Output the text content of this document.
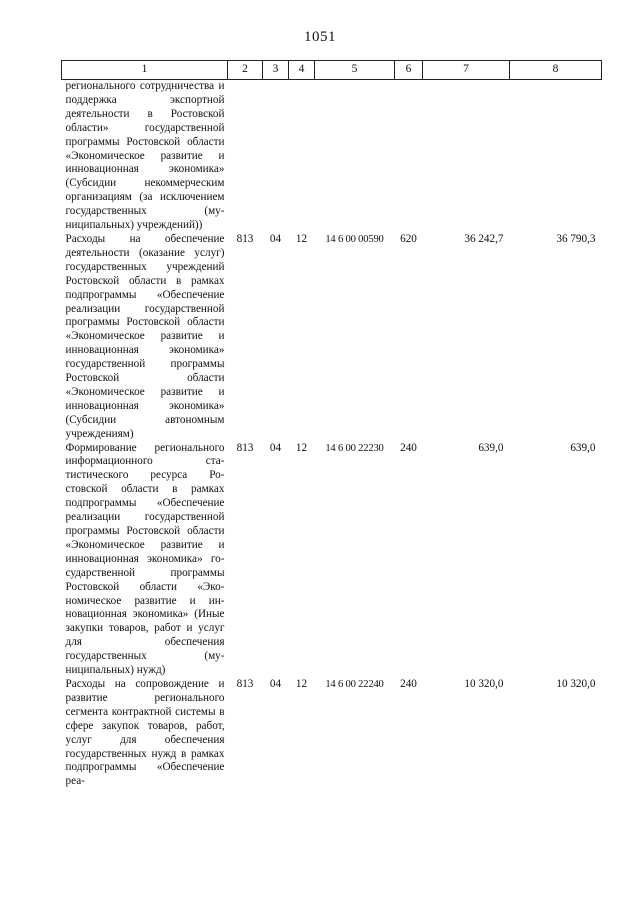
1051
1	2	3	4	5	6	7	8
регионального сотрудничества и поддержка экспортной деятельности в Ростовской области» государственной программы Ростовской области «Экономическое развитие и инновационная экономика» (Субсидии некоммерческим организациям (за исключением государственных (муниципальных) учреждений))							
Расходы на обеспечение деятельности (оказание услуг) государственных учреждений Ростовской области в рамках подпрограммы «Обеспечение реализации государственной программы Ростовской области «Экономическое развитие и инновационная экономика» государственной программы Ростовской области «Экономическое развитие и инновационная экономика» (Субсидии автономным учреждениям)	813	04	12	14 6 00 00590	620	36 242,7	36 790,3
Формирование регионального информационного статистического ресурса Ростовской области в рамках подпрограммы «Обеспечение реализации государственной программы Ростовской области «Экономическое развитие и инновационная экономика» государственной программы Ростовской области «Экономическое развитие и инновационная экономика» (Иные закупки товаров, работ и услуг для обеспечения государственных (муниципальных) нужд)	813	04	12	14 6 00 22230	240	639,0	639,0
Расходы на сопровождение и развитие регионального сегмента контрактной системы в сфере закупок товаров, работ, услуг для обеспечения государственных нужд в рамках подпрограммы «Обеспечение реа-	813	04	12	14 6 00 22240	240	10 320,0	10 320,0
